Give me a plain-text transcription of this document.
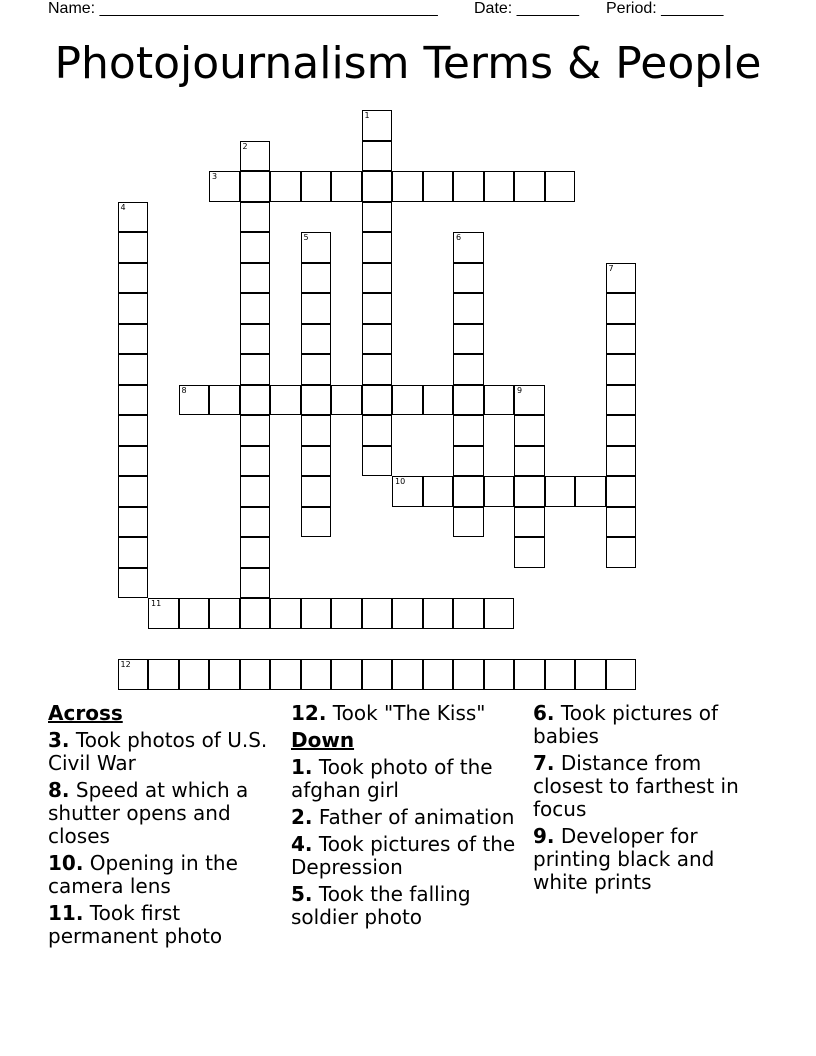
Name: ______________________________________ Date: _______ Period: _______
Photojournalism Terms & People
1
2
3
4
5	6
7
8	9
10
11
12
Across
3. Took photos of U.S. Civil War
8. Speed at which a shutter opens and closes
10. Opening in the camera lens
11. Took first permanent photo
12. Took "The Kiss"
Down
1. Took photo of the afghan girl
2. Father of animation
4. Took pictures of the Depression
5. Took the falling soldier photo
6. Took pictures of babies
7. Distance from closest to farthest in focus
9. Developer for printing black and white prints
